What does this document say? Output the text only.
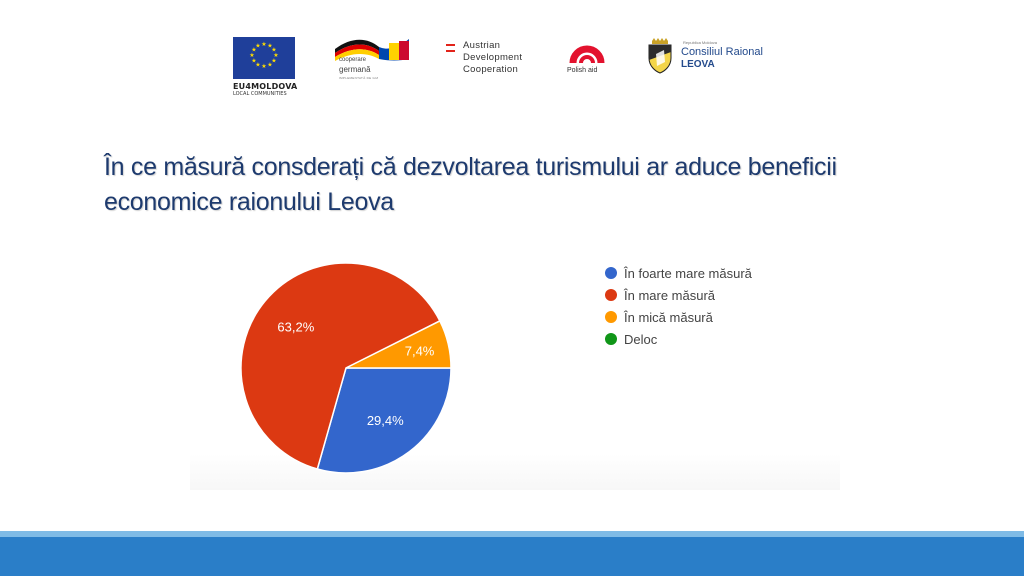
★ ★
★
★
★
★
★
★
★
★
★
★
EU4MOLDOVA
LOCAL COMMUNITIES
cooperare
germană
IMPLEMENTATĂ DE GIZ
Austrian
Development
Cooperation	Polish aid
Republica Moldova
Consiliul Raional
LEOVA
În ce măsură consderați că dezvoltarea turismului ar aduce beneficii economice raionului Leova
29,4%
63,2%
7,4%
În foarte mare măsură
În mare măsură
În mică măsură
Deloc
